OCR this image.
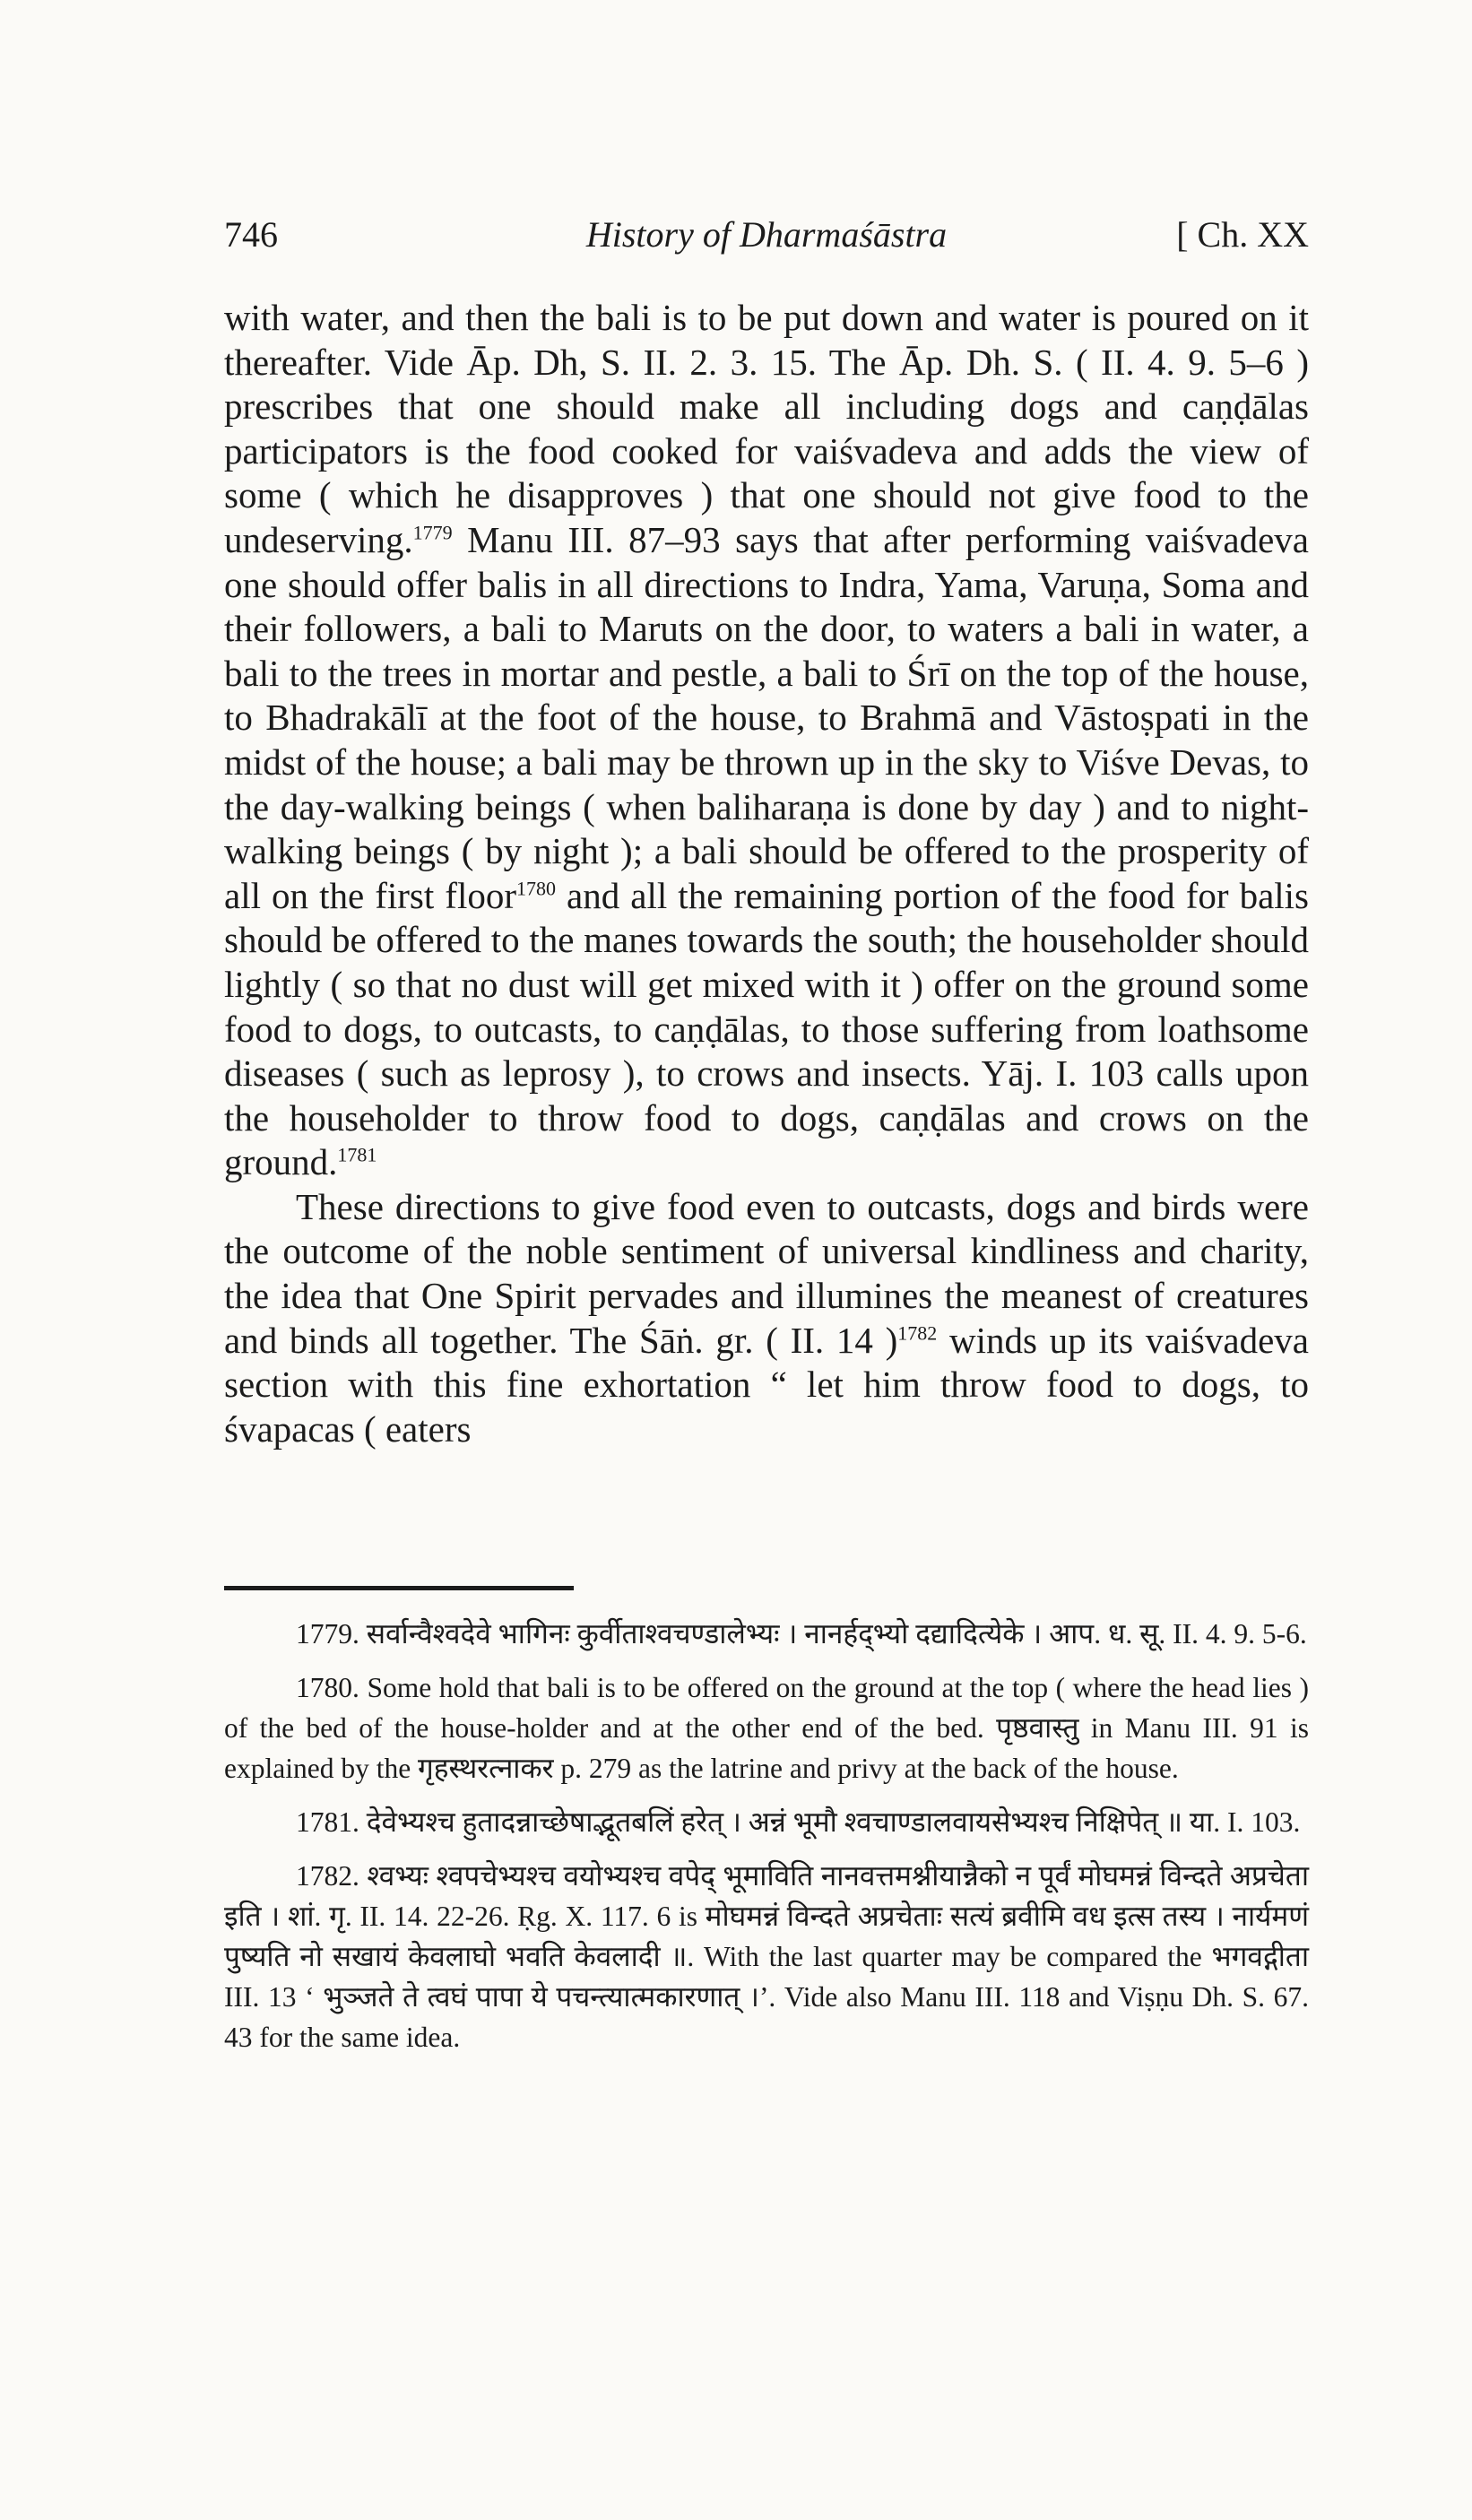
746	History of Dharmaśāstra	[ Ch. XX

with water, and then the bali is to be put down and water is poured on it thereafter. Vide Āp. Dh, S. II. 2. 3. 15. The Āp. Dh. S. ( II. 4. 9. 5–6 ) prescribes that one should make all including dogs and caṇḍālas participators is the food cooked for vaiśvadeva and adds the view of some ( which he disapproves ) that one should not give food to the undeserving.$^{1779}$ Manu III. 87–93 says that after performing vaiśvadeva one should offer balis in all directions to Indra, Yama, Varuṇa, Soma and their followers, a bali to Maruts on the door, to waters a bali in water, a bali to the trees in mortar and pestle, a bali to Śrī on the top of the house, to Bhadrakālī at the foot of the house, to Brahmā and Vāstoṣpati in the midst of the house; a bali may be thrown up in the sky to Viśve Devas, to the day-walking beings ( when baliharaṇa is done by day ) and to night-walking beings ( by night ); a bali should be offered to the prosperity of all on the first floor$^{1780}$ and all the remaining portion of the food for balis should be offered to the manes towards the south; the householder should lightly ( so that no dust will get mixed with it ) offer on the ground some food to dogs, to outcasts, to caṇḍālas, to those suffering from loathsome diseases ( such as leprosy ), to crows and insects. Yāj. I. 103 calls upon the householder to throw food to dogs, caṇḍālas and crows on the ground.$^{1781}$

These directions to give food even to outcasts, dogs and birds were the outcome of the noble sentiment of universal kindliness and charity, the idea that One Spirit pervades and illumines the meanest of creatures and binds all together. The Śāṅ. gr. ( II. 14 )$^{1782}$ winds up its vaiśvadeva section with this fine exhortation “ let him throw food to dogs, to śvapacas ( eaters

1779. सर्वान्वैश्वदेवे भागिनः कुर्वीताश्वचण्डालेभ्यः । नानर्हद्भ्यो दद्यादित्येके । आप. ध. सू. II. 4. 9. 5-6.

1780. Some hold that bali is to be offered on the ground at the top ( where the head lies ) of the bed of the house-holder and at the other end of the bed. पृष्ठवास्तु in Manu III. 91 is explained by the गृहस्थरत्नाकर p. 279 as the latrine and privy at the back of the house.

1781. देवेभ्यश्च हुतादन्नाच्छेषाद्भूतबलिं हरेत् । अन्नं भूमौ श्वचाण्डालवायसेभ्यश्च निक्षिपेत् ॥ या. I. 103.

1782. श्वभ्यः श्वपचेभ्यश्च वयोभ्यश्च वपेद् भूमाविति नानवत्तमश्नीयान्नैको न पूर्वं मोघमन्नं विन्दते अप्रचेता इति । शां. गृ. II. 14. 22-26. Ṛg. X. 117. 6 is मोघमन्नं विन्दते अप्रचेताः सत्यं ब्रवीमि वध इत्स तस्य । नार्यमणं पुष्यति नो सखायं केवलाघो भवति केवलादी ॥. With the last quarter may be compared the भगवद्गीता III. 13 ‘ भुञ्जते ते त्वघं पापा ये पचन्त्यात्मकारणात् ।’. Vide also Manu III. 118 and Viṣṇu Dh. S. 67. 43 for the same idea.
